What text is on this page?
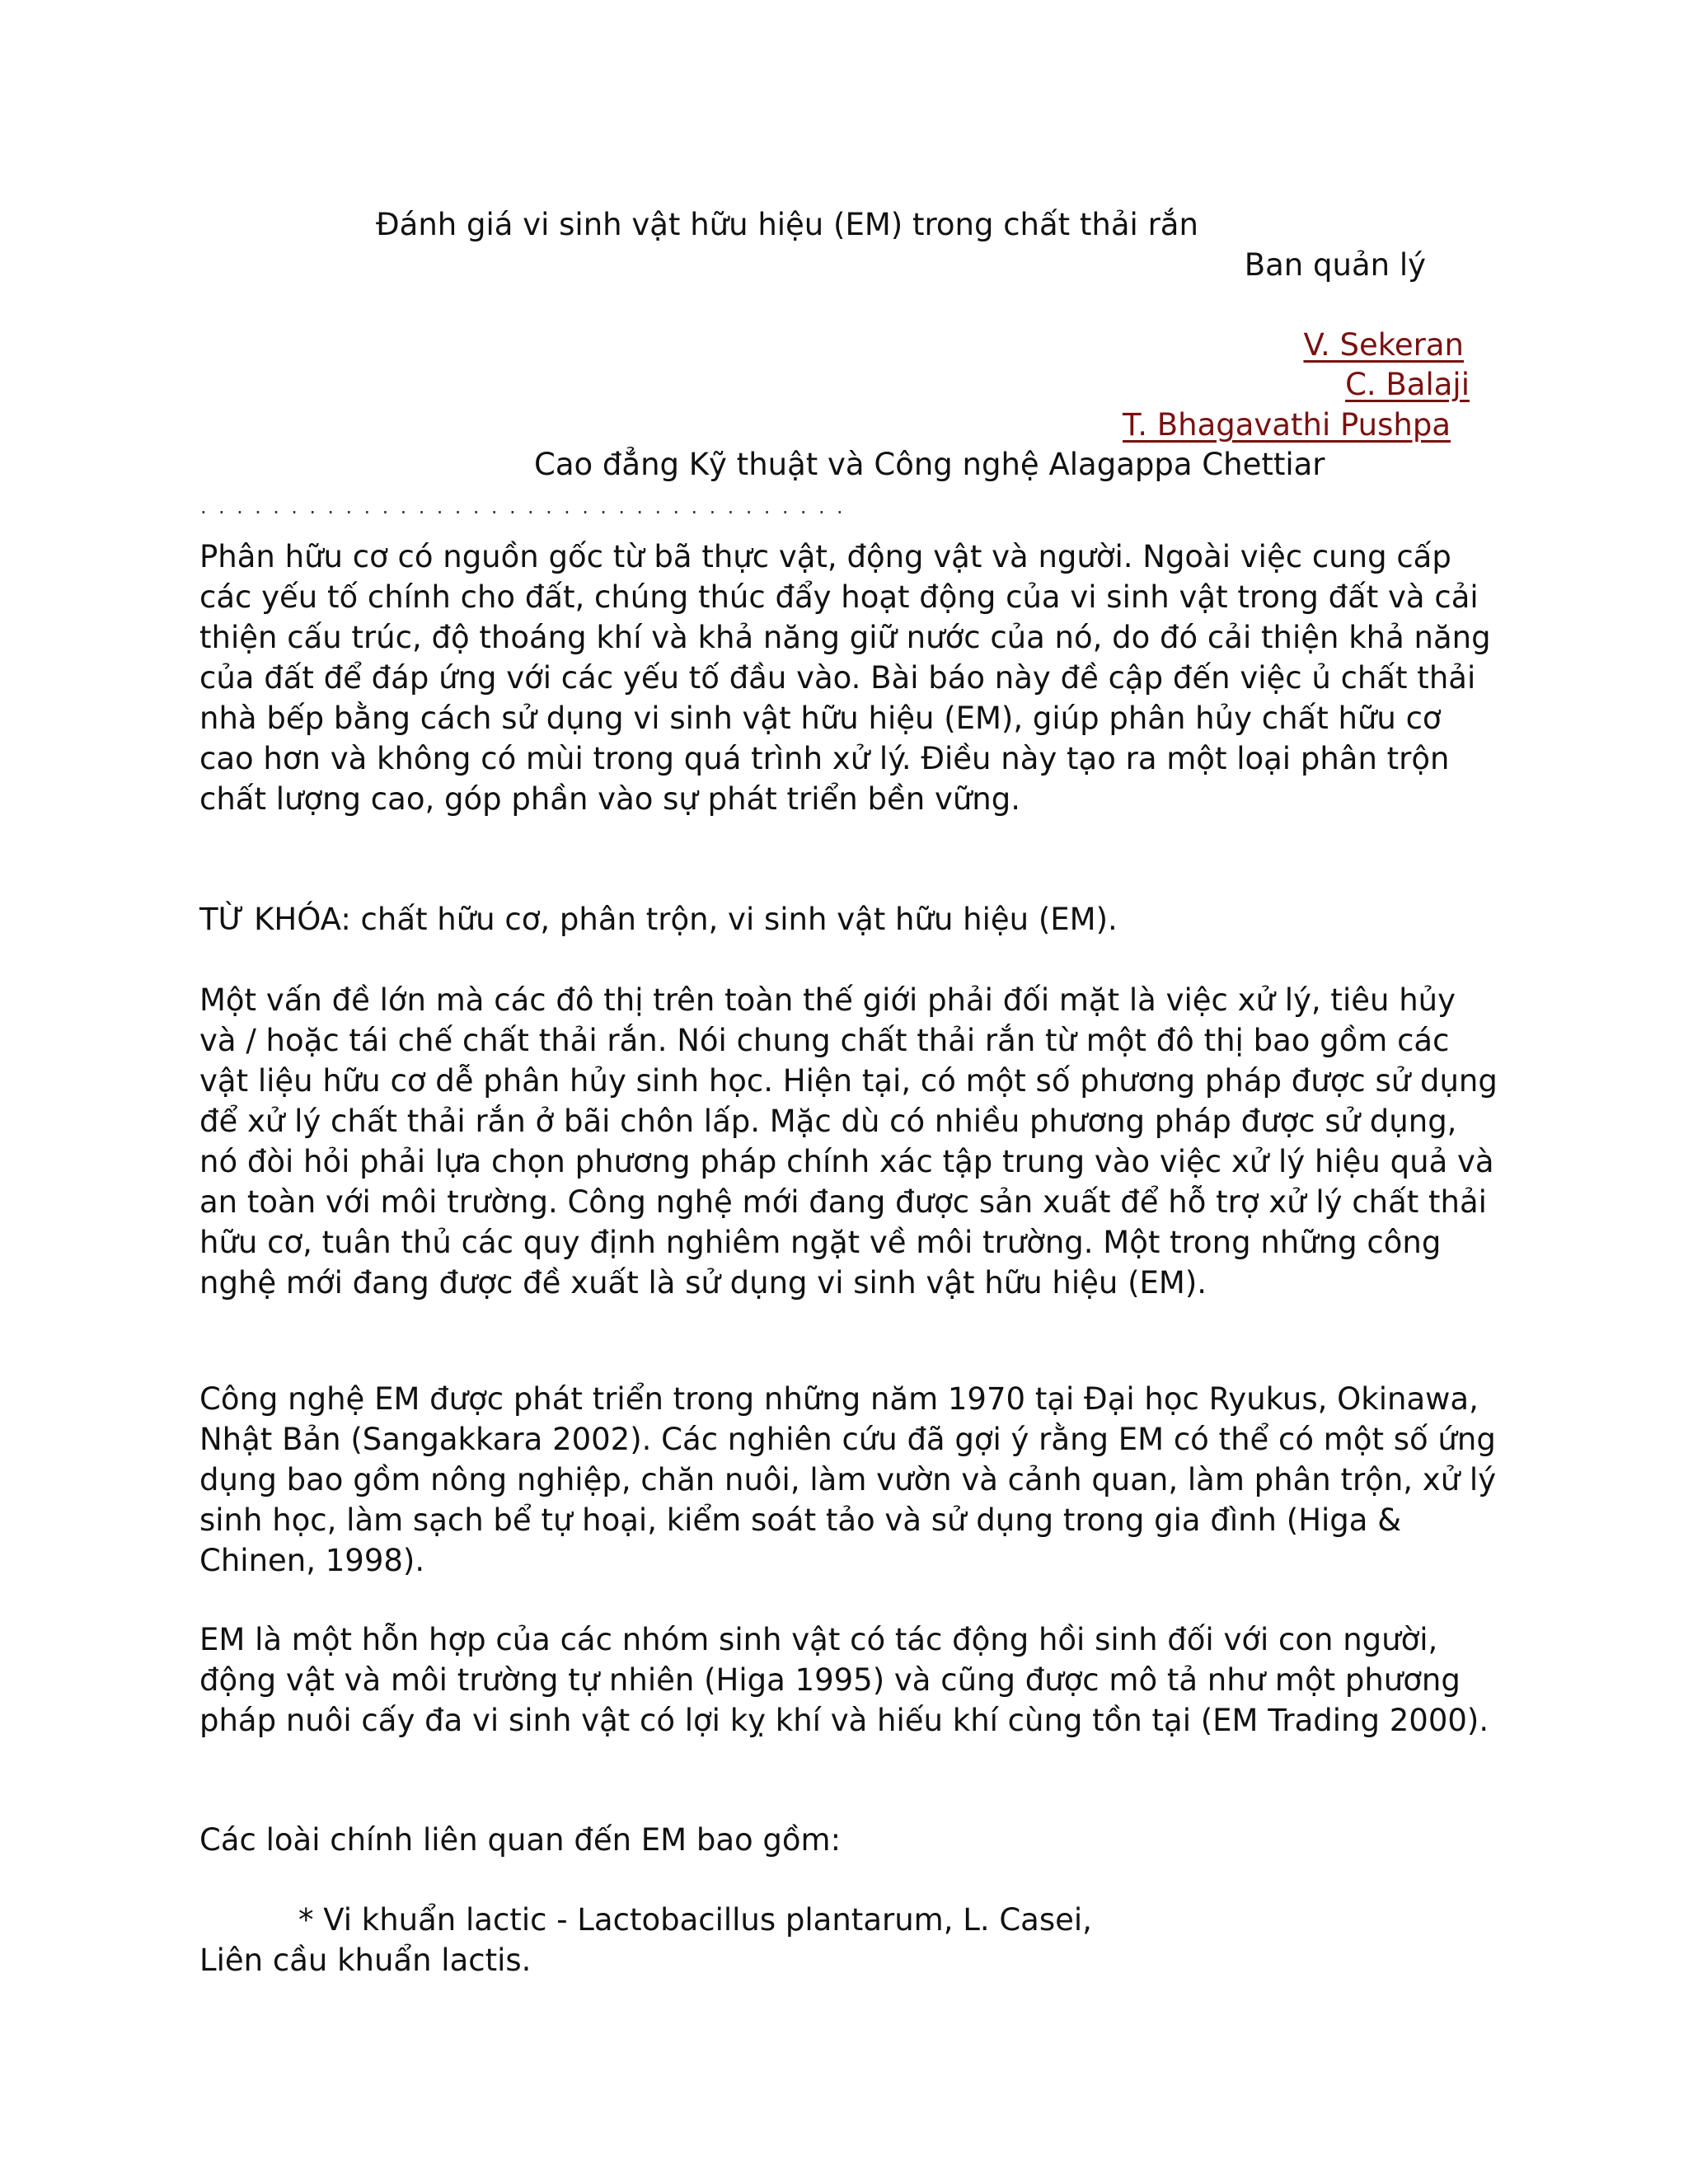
Đánh giá vi sinh vật hữu hiệu (EM) trong chất thải rắn
Ban quản lý
V. Sekeran
C. Balaji
T. Bhagavathi Pushpa
Cao đẳng Kỹ thuật và Công nghệ Alagappa Chettiar
. . . . . . . . . . . . . . . . . . . . . . . . . . . . . . . . . . . .

Phân hữu cơ có nguồn gốc từ bã thực vật, động vật và người. Ngoài việc cung cấp các yếu tố chính cho đất, chúng thúc đẩy hoạt động của vi sinh vật trong đất và cải thiện cấu trúc, độ thoáng khí và khả năng giữ nước của nó, do đó cải thiện khả năng của đất để đáp ứng với các yếu tố đầu vào. Bài báo này đề cập đến việc ủ chất thải nhà bếp bằng cách sử dụng vi sinh vật hữu hiệu (EM), giúp phân hủy chất hữu cơ cao hơn và không có mùi trong quá trình xử lý. Điều này tạo ra một loại phân trộn chất lượng cao, góp phần vào sự phát triển bền vững.

TỪ KHÓA: chất hữu cơ, phân trộn, vi sinh vật hữu hiệu (EM).

Một vấn đề lớn mà các đô thị trên toàn thế giới phải đối mặt là việc xử lý, tiêu hủy và / hoặc tái chế chất thải rắn. Nói chung chất thải rắn từ một đô thị bao gồm các vật liệu hữu cơ dễ phân hủy sinh học. Hiện tại, có một số phương pháp được sử dụng để xử lý chất thải rắn ở bãi chôn lấp. Mặc dù có nhiều phương pháp được sử dụng, nó đòi hỏi phải lựa chọn phương pháp chính xác tập trung vào việc xử lý hiệu quả và an toàn với môi trường. Công nghệ mới đang được sản xuất để hỗ trợ xử lý chất thải hữu cơ, tuân thủ các quy định nghiêm ngặt về môi trường. Một trong những công nghệ mới đang được đề xuất là sử dụng vi sinh vật hữu hiệu (EM).

Công nghệ EM được phát triển trong những năm 1970 tại Đại học Ryukus, Okinawa, Nhật Bản (Sangakkara 2002). Các nghiên cứu đã gợi ý rằng EM có thể có một số ứng dụng bao gồm nông nghiệp, chăn nuôi, làm vườn và cảnh quan, làm phân trộn, xử lý sinh học, làm sạch bể tự hoại, kiểm soát tảo và sử dụng trong gia đình (Higa & Chinen, 1998).

EM là một hỗn hợp của các nhóm sinh vật có tác động hồi sinh đối với con người, động vật và môi trường tự nhiên (Higa 1995) và cũng được mô tả như một phương pháp nuôi cấy đa vi sinh vật có lợi kỵ khí và hiếu khí cùng tồn tại (EM Trading 2000).

Các loài chính liên quan đến EM bao gồm:

* Vi khuẩn lactic - Lactobacillus plantarum, L. Casei,
Liên cầu khuẩn lactis.
